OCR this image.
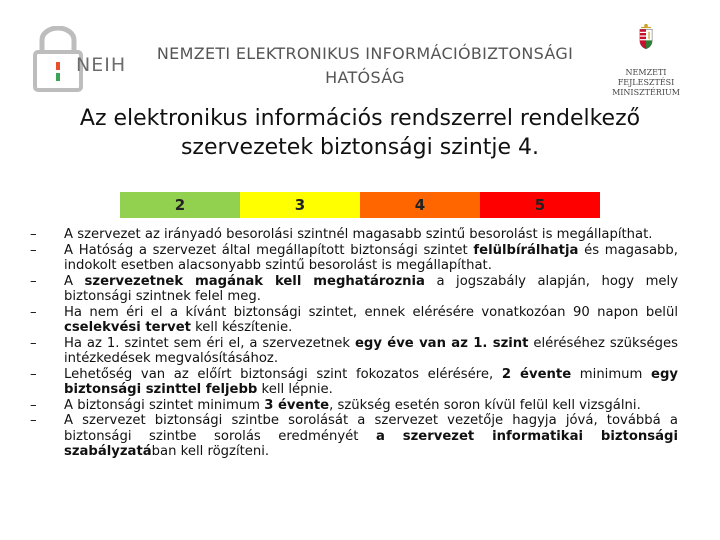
NEIH
NEMZETI ELEKTRONIKUS INFORMÁCIÓBIZTONSÁGI
HATÓSÁG	NEMZETI FEJLESZTÉSI
MINISZTÉRIUM
Az elektronikus információs rendszerrel rendelkező
szervezetek biztonsági szintje 4.
2	3	4	5
– A szervezet az irányadó besorolási szintnél magasabb szintű besorolást is megállapíthat.
– A Hatóság a szervezet által megállapított biztonsági szintet felülbírálhatja és magasabb, indokolt esetben alacsonyabb szintű besorolást is megállapíthat.
– A szervezetnek magának kell meghatároznia a jogszabály alapján, hogy mely biztonsági szintnek felel meg.
– Ha nem éri el a kívánt biztonsági szintet, ennek elérésére vonatkozóan 90 napon belül cselekvési tervet kell készítenie.
– Ha az 1. szintet sem éri el, a szervezetnek egy éve van az 1. szint eléréséhez szükséges intézkedések megvalósításához.
– Lehetőség van az előírt biztonsági szint fokozatos elérésére, 2 évente minimum egy biztonsági szinttel feljebb kell lépnie.
– A biztonsági szintet minimum 3 évente, szükség esetén soron kívül felül kell vizsgálni.
– A szervezet biztonsági szintbe sorolását a szervezet vezetője hagyja jóvá, továbbá a biztonsági szintbe sorolás eredményét a szervezet informatikai biztonsági szabályzatában kell rögzíteni.
